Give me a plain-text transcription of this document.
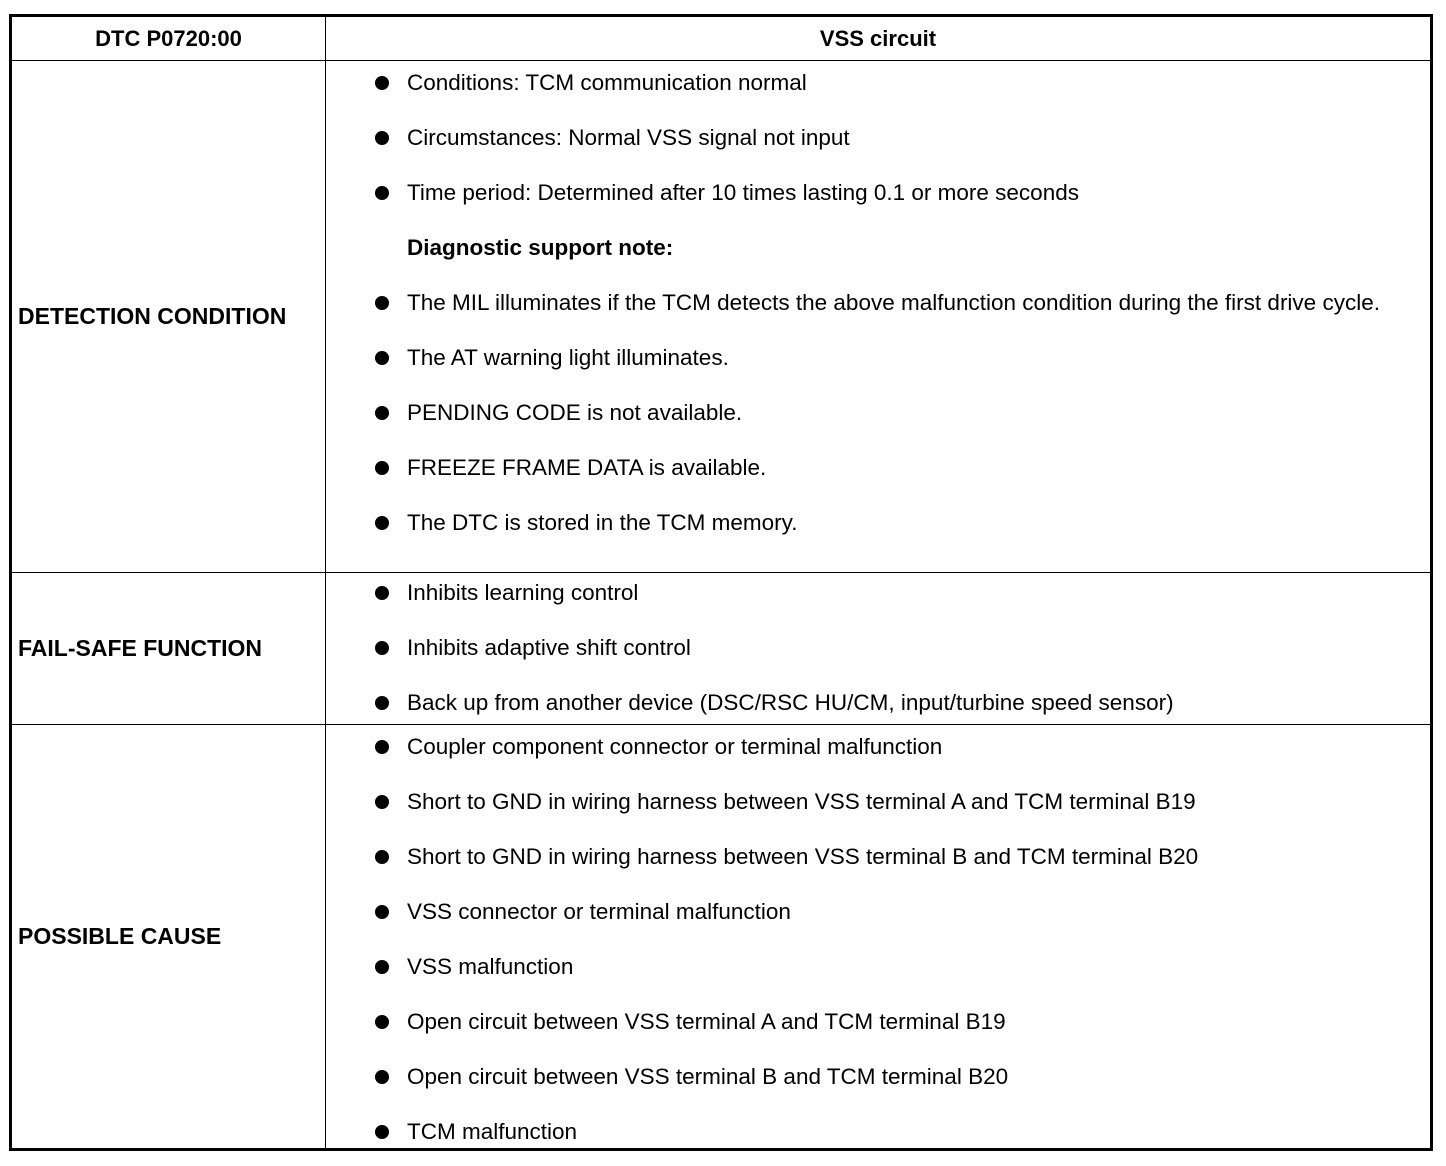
DTC P0720:00	VSS circuit
DETECTION CONDITION
Conditions: TCM communication normal
Circumstances: Normal VSS signal not input
Time period: Determined after 10 times lasting 0.1 or more seconds
Diagnostic support note:
The MIL illuminates if the TCM detects the above malfunction condition during the first drive cycle.
The AT warning light illuminates.
PENDING CODE is not available.
FREEZE FRAME DATA is available.
The DTC is stored in the TCM memory.
FAIL-SAFE FUNCTION
Inhibits learning control
Inhibits adaptive shift control
Back up from another device (DSC/RSC HU/CM, input/turbine speed sensor)
POSSIBLE CAUSE
Coupler component connector or terminal malfunction
Short to GND in wiring harness between VSS terminal A and TCM terminal B19
Short to GND in wiring harness between VSS terminal B and TCM terminal B20
VSS connector or terminal malfunction
VSS malfunction
Open circuit between VSS terminal A and TCM terminal B19
Open circuit between VSS terminal B and TCM terminal B20
TCM malfunction
